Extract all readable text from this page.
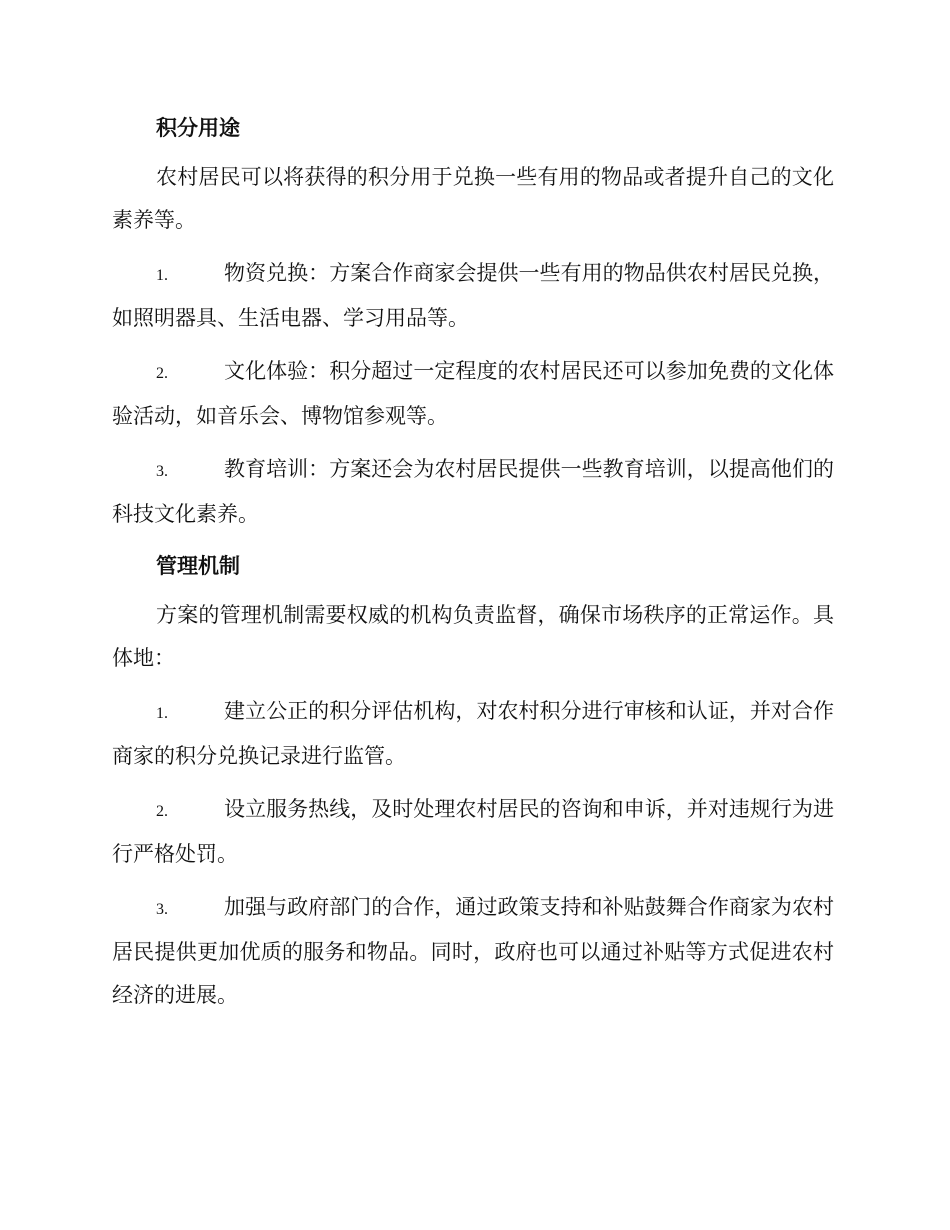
积分用途

农村居民可以将获得的积分用于兑换一些有用的物品或者提升自己的文化素养等。

1.	物资兑换：方案合作商家会提供一些有用的物品供农村居民兑换，如照明器具、生活电器、学习用品等。

2.	文化体验：积分超过一定程度的农村居民还可以参加免费的文化体验活动，如音乐会、博物馆参观等。

3.	教育培训：方案还会为农村居民提供一些教育培训，以提高他们的科技文化素养。

管理机制

方案的管理机制需要权威的机构负责监督，确保市场秩序的正常运作。具体地：

1.	建立公正的积分评估机构，对农村积分进行审核和认证，并对合作商家的积分兑换记录进行监管。

2.	设立服务热线，及时处理农村居民的咨询和申诉，并对违规行为进行严格处罚。

3.	加强与政府部门的合作，通过政策支持和补贴鼓舞合作商家为农村居民提供更加优质的服务和物品。同时，政府也可以通过补贴等方式促进农村经济的进展。
